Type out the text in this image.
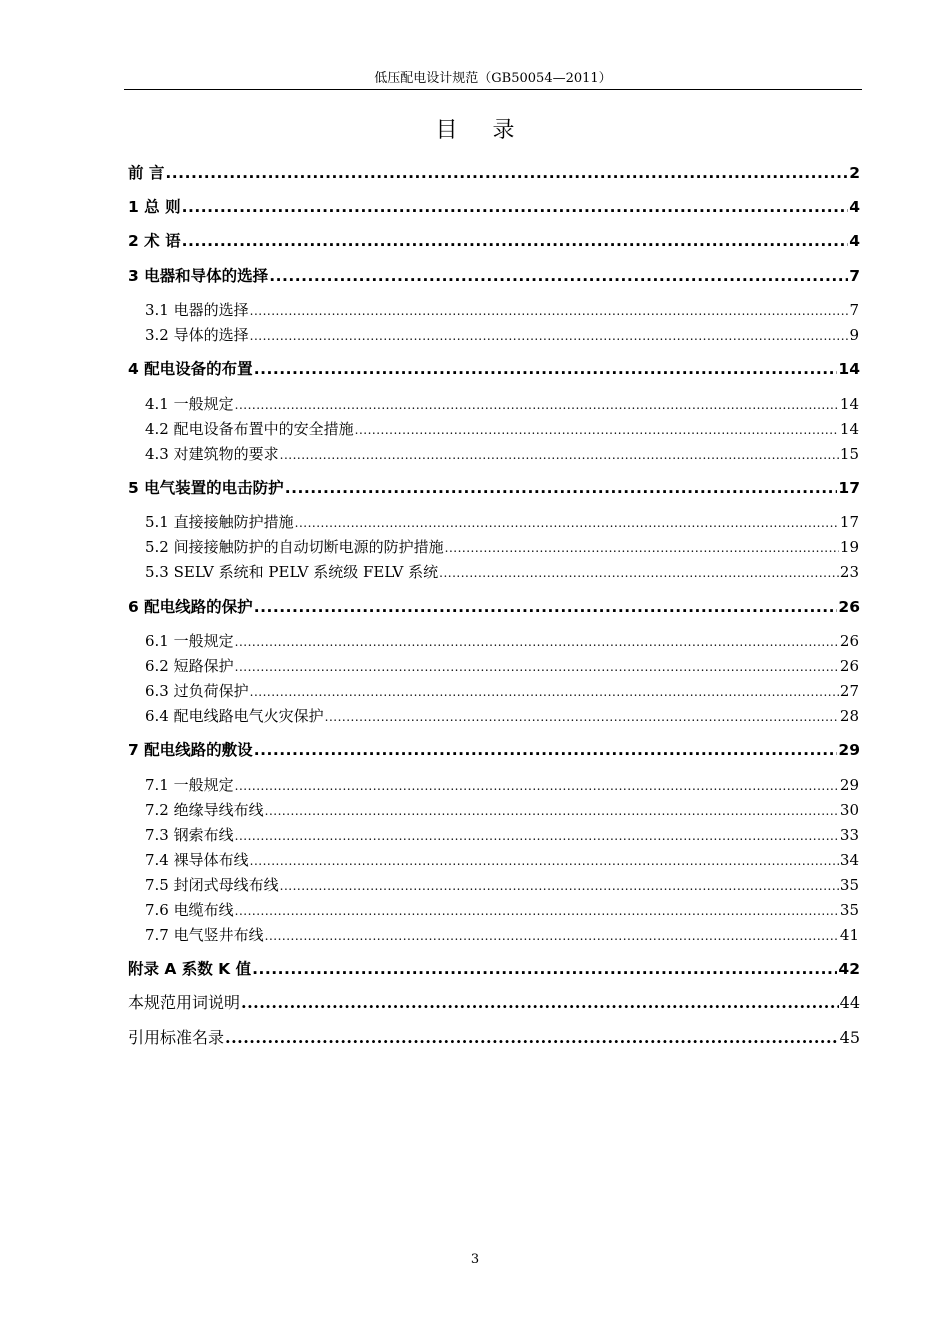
低压配电设计规范（GB50054—2011）
目 录
前 言 .....	2
1 总 则 .....	4
2 术 语 .....	4
3 电器和导体的选择 .....	7
3.1 电器的选择 .....	7
3.2 导体的选择 .....	9
4 配电设备的布置 .....	14
4.1 一般规定 .....	14
4.2 配电设备布置中的安全措施 .....	14
4.3 对建筑物的要求 .....	15
5 电气装置的电击防护 .....	17
5.1 直接接触防护措施 .....	17
5.2 间接接触防护的自动切断电源的防护措施 .....	19
5.3 SELV 系统和 PELV 系统级 FELV 系统 .....	23
6 配电线路的保护 .....	26
6.1 一般规定 .....	26
6.2 短路保护 .....	26
6.3 过负荷保护 .....	27
6.4 配电线路电气火灾保护 .....	28
7 配电线路的敷设 .....	29
7.1 一般规定 .....	29
7.2 绝缘导线布线 .....	30
7.3 钢索布线 .....	33
7.4 裸导体布线 .....	34
7.5 封闭式母线布线 .....	35
7.6 电缆布线 .....	35
7.7 电气竖井布线 .....	41
附录 A 系数 K 值 .....	42
本规范用词说明 .....	44
引用标准名录 .....	45
3
